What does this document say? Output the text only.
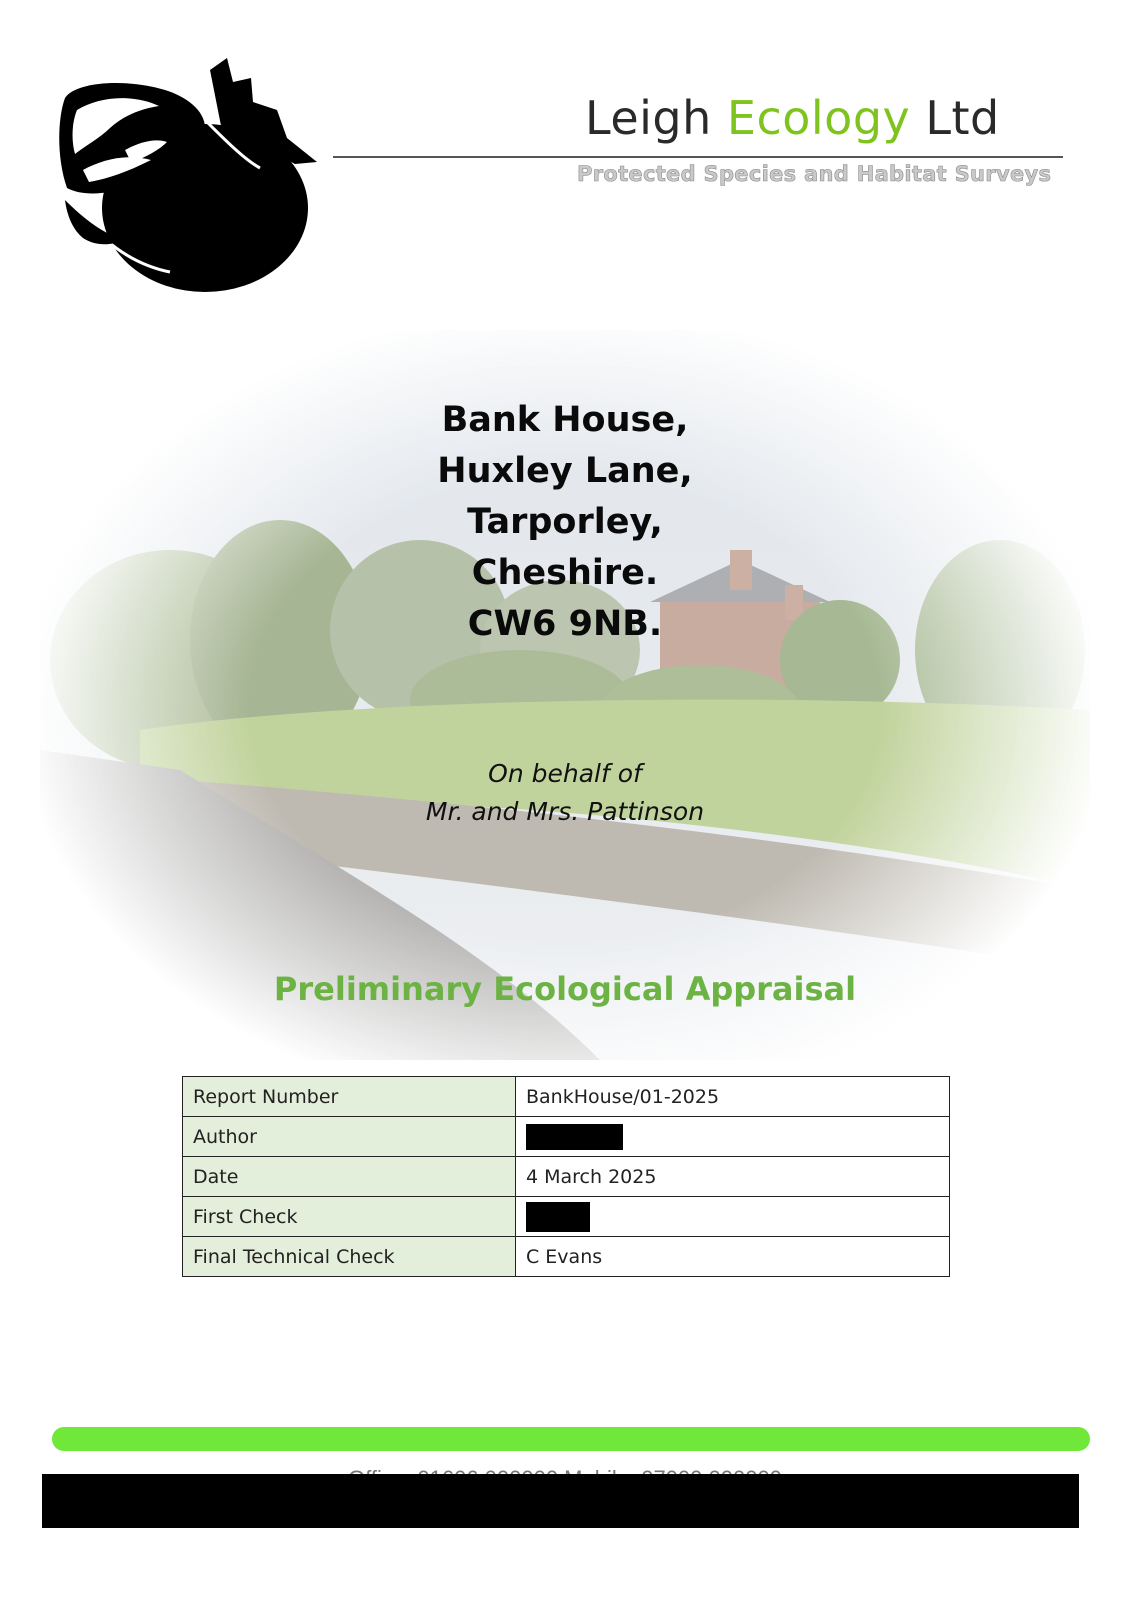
Leigh Ecology Ltd
Protected Species and Habitat Surveys
Bank House,
Huxley Lane,
Tarporley,
Cheshire.
CW6 9NB.
On behalf of
Mr. and Mrs. Pattinson
Preliminary Ecological Appraisal
Report Number	BankHouse/01-2025
Author	
Date	4 March 2025
First Check	
Final Technical Check	C Evans
